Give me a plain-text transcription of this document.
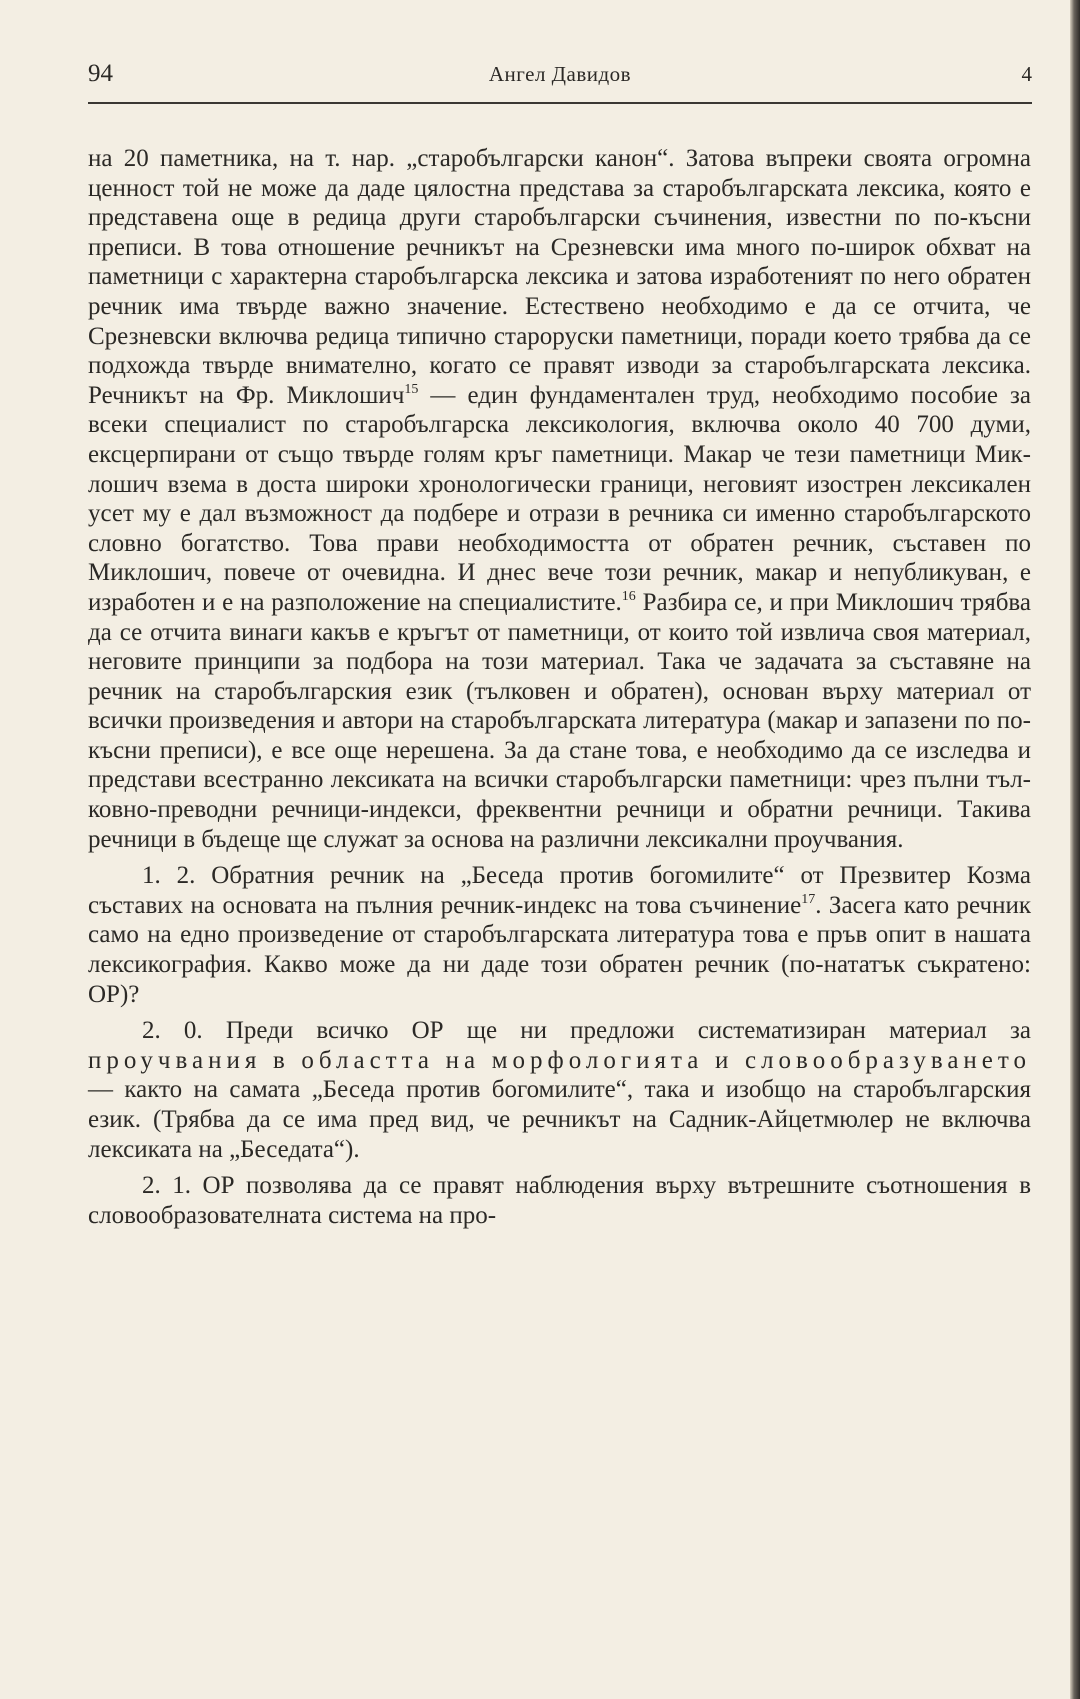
94	Ангел Давидов	4

на 20 паметника, на т. нар. „старобългарски канон“. Затова въпреки своята огромна ценност той не може да даде цялостна представа за старобългарската лексика, която е представена още в редица други старобългарски съчинения, известни по по-късни преписи. В това отношение речникът на Срезневски има много по-широк обхват на паметници с характерна старобългарска лексика и затова изработеният по него обратен речник има твърде важно значение. Естествено необходимо е да се отчита, че Срезневски включва редица типично староруски паметници, поради което трябва да се подхожда твърде внимателно, когато се правят изводи за старобългарската лексика. Речникът на Фр. Миклошич$^{15}$ — един фундаментален труд, необходимо пособие за всеки специалист по старобългарска лексикология, включва около 40 700 думи, ексцерпирани от също твърде голям кръг паметници. Макар че тези паметници Миклошич взема в доста широки хронологически граници, неговият изострен лексикален усет му е дал възможност да подбере и отрази в речника си именно старобългарското словно богатство. Това прави необходимостта от обратен речник, съставен по Миклошич, повече от очевидна. И днес вече този речник, макар и непубликуван, е изработен и е на разположение на специалистите.$^{16}$ Разбира се, и при Миклошич трябва да се отчита винаги какъв е кръгът от паметници, от които той извлича своя материал, неговите принципи за подбора на този материал. Така че задачата за съставяне на речник на старобългарския език (тълковен и обратен), основан върху материал от всички произведения и автори на старобългарската литература (макар и запазени по по-късни преписи), е все още нерешена. За да стане това, е необходимо да се изследва и представи всестранно лексиката на всички старобългарски паметници: чрез пълни тълковно-преводни речници-индекси, фреквентни речници и обратни речници. Такива речници в бъдеще ще служат за основа на различни лексикални проучвания.

1. 2. Обратния речник на „Беседа против богомилите“ от Презвитер Козма съставих на основата на пълния речник-индекс на това съчинение$^{17}$. Засега като речник само на едно произведение от старобългарската литература това е пръв опит в нашата лексикография. Какво може да ни даде този обратен речник (по-нататък съкратено: ОР)?

2. 0. Преди всичко ОР ще ни предложи систематизиран материал за проучвания в областта на морфологията и словообразуването — както на самата „Беседа против богомилите“, така и изобщо на старобългарския език. (Трябва да се има пред вид, че речникът на Садник-Айцетмюлер не включва лексиката на „Беседата“).

2. 1. ОР позволява да се правят наблюдения върху вътрешните съотношения в словообразователната система на про-
